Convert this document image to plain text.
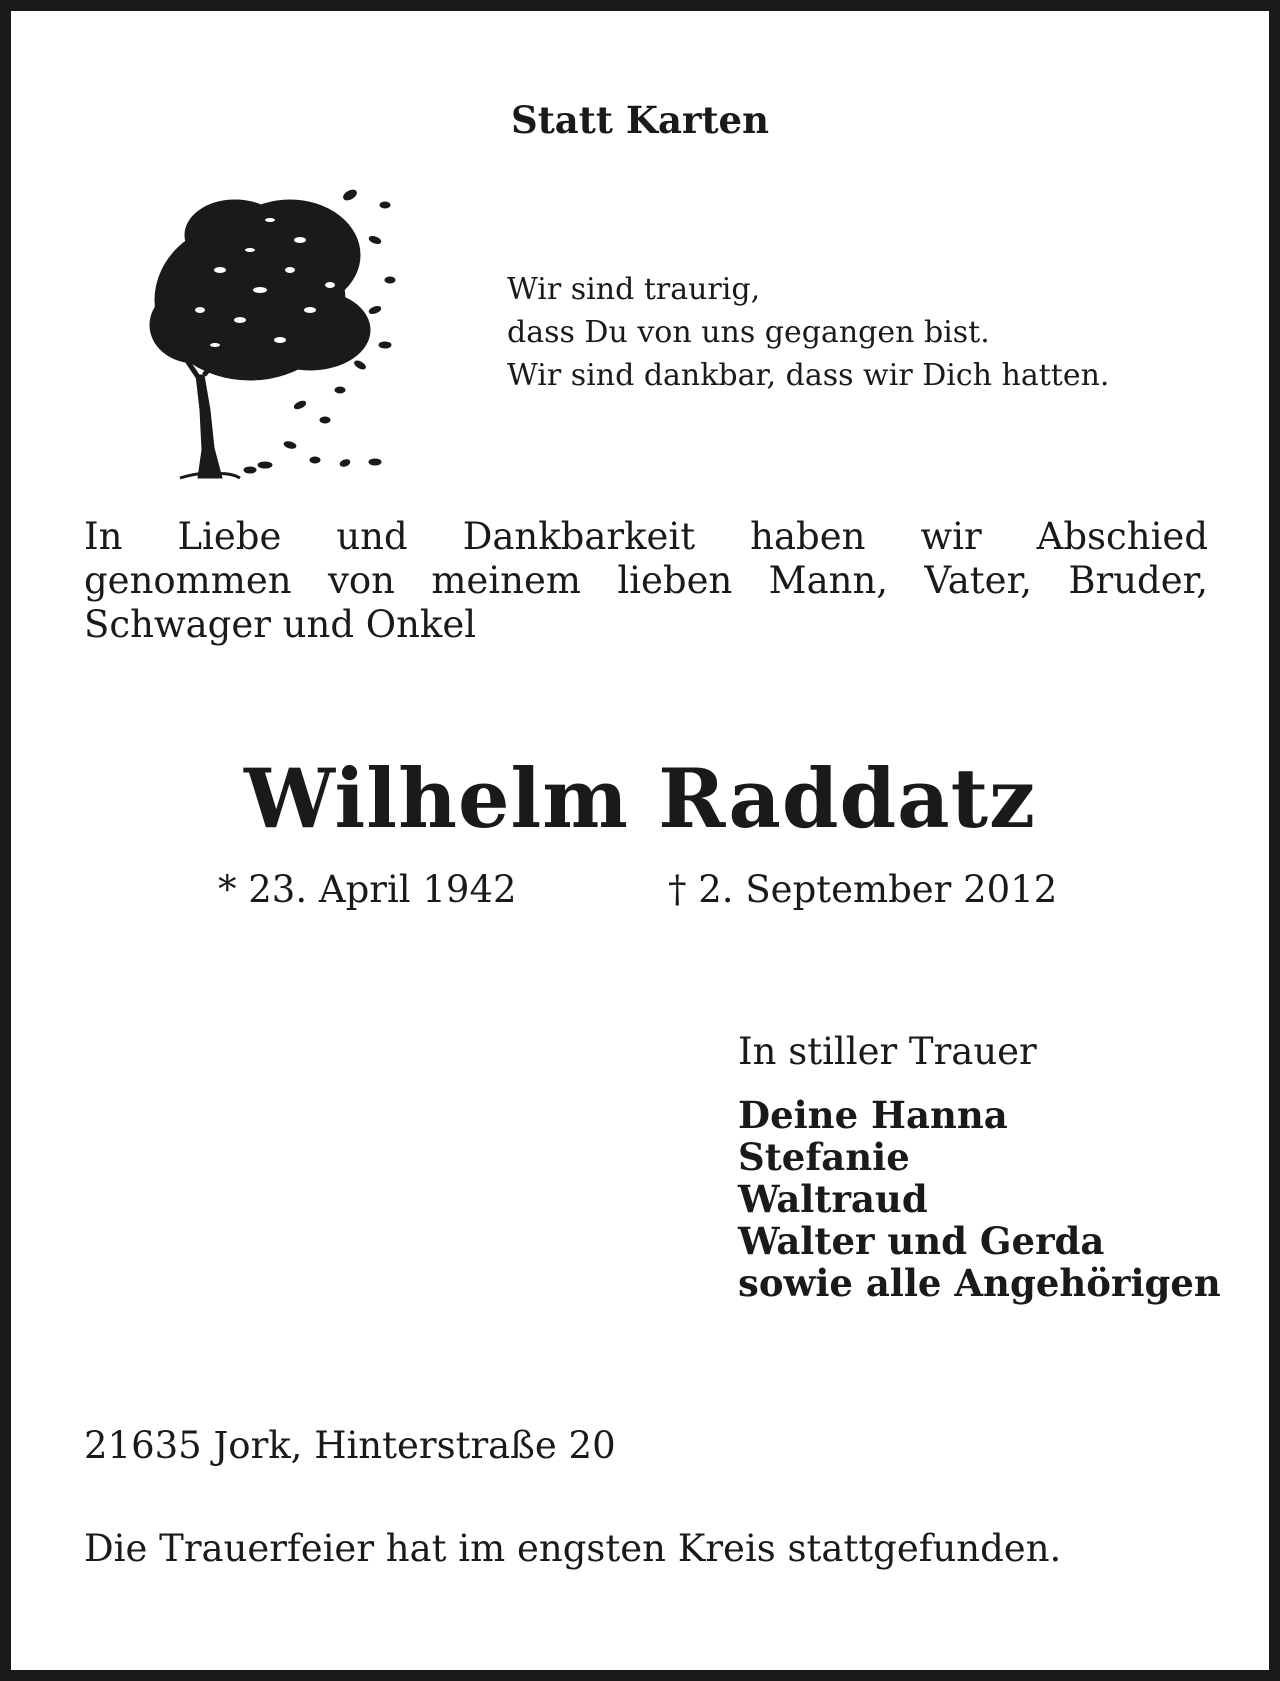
Statt Karten
Wir sind traurig,
dass Du von uns gegangen bist.
Wir sind dankbar, dass wir Dich hatten.
In Liebe und Dankbarkeit haben wir Abschied
genommen von meinem lieben Mann, Vater, Bruder,
Schwager und Onkel
Wilhelm Raddatz
* 23. April 1942	† 2. September 2012
In stiller Trauer
Deine Hanna
Stefanie
Waltraud
Walter und Gerda
sowie alle Angehörigen
21635 Jork, Hinterstraße 20
Die Trauerfeier hat im engsten Kreis stattgefunden.
